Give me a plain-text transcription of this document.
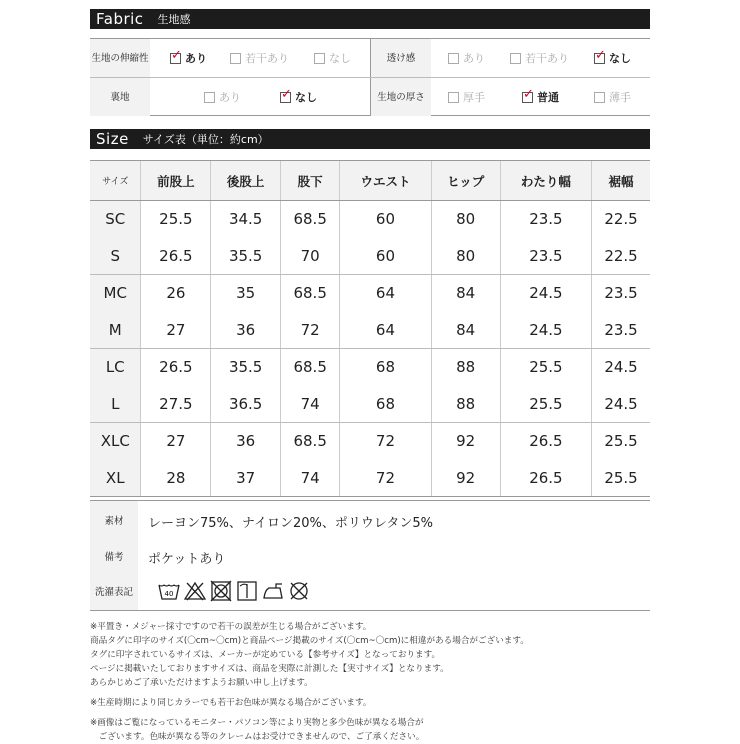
Fabric 生地感
生地の伸縮性 ✓	あり	若干あり	なし	透け感	あり	若干あり ✓	なし
裏地	あり ✓	なし	生地の厚さ	厚手 ✓	普通	薄手
Size サイズ表（単位：約cm）
サイズ	前股上	後股上	股下	ウエスト	ヒップ	わたり幅	裾幅
SC	25.5	34.5	68.5	60	80	23.5	22.5
S	26.5	35.5	70	60	80	23.5	22.5
MC	26	35	68.5	64	84	24.5	23.5
M	27	36	72	64	84	24.5	23.5
LC	26.5	35.5	68.5	68	88	25.5	24.5
L	27.5	36.5	74	68	88	25.5	24.5
XLC	27	36	68.5	72	92	26.5	25.5
XL	28	37	74	72	92	26.5	25.5
素材	レーヨン75%、ナイロン20%、ポリウレタン5%
備考	ポケットあり
洗濯表記	40

※平置き・メジャー採寸ですので若干の誤差が生じる場合がございます。

商品タグに印字のサイズ(〇cm~〇cm)と商品ページ掲載のサイズ(〇cm~〇cm)に相違がある場合がございます。

タグに印字されているサイズは、メーカーが定めている【参考サイズ】となっております。

ページに掲載いたしておりますサイズは、商品を実際に計測した【実寸サイズ】となります。

あらかじめご了承いただけますようお願い申し上げます。

※生産時期により同じカラーでも若干お色味が異なる場合がございます。

※画像はご覧になっているモニター・パソコン等により実物と多少色味が異なる場合が

　ございます。色味が異なる等のクレームはお受けできませんので、ご了承ください。
